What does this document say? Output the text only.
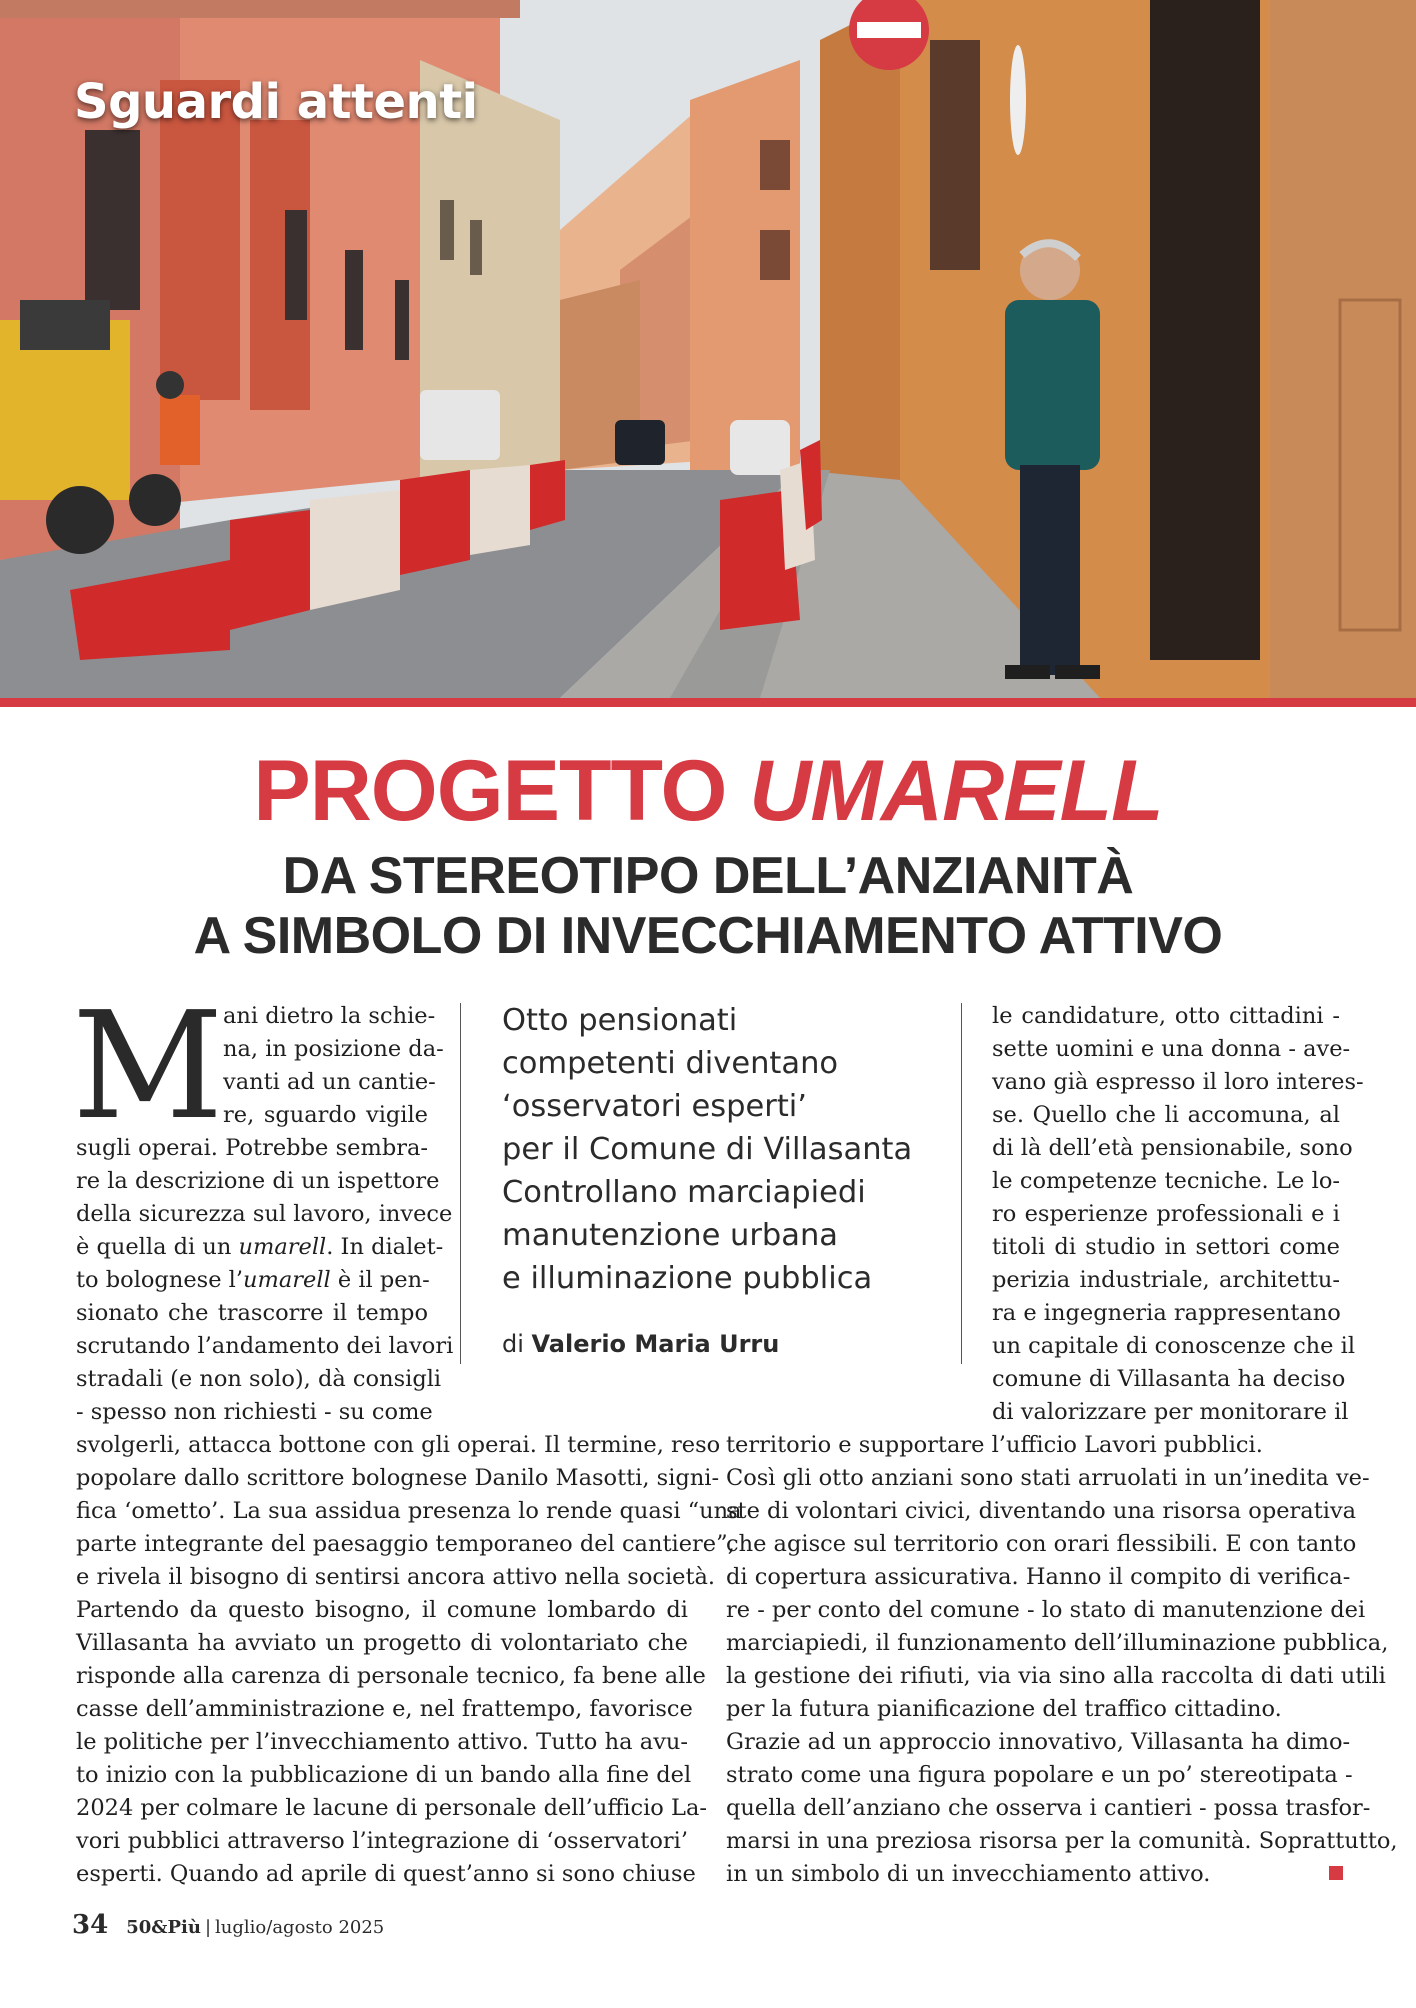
Sguardi attenti
PROGETTO UMARELL
DA STEREOTIPO DELL’ANZIANITÀ
A SIMBOLO DI INVECCHIAMENTO ATTIVO
M ani dietro la schie-
na, in posizione da-
vanti ad un cantie-
re, sguardo vigile
sugli operai. Potrebbe sembra-
re la descrizione di un ispettore
della sicurezza sul lavoro, invece
è quella di un umarell. In dialet-
to bolognese l’umarell è il pen-
sionato che trascorre il tempo
scrutando l’andamento dei lavori
stradali (e non solo), dà consigli
- spesso non richiesti - su come
svolgerli, attacca bottone con gli operai. Il termine, reso
popolare dallo scrittore bolognese Danilo Masotti, signi-
fica ‘ometto’. La sua assidua presenza lo rende quasi “una
parte integrante del paesaggio temporaneo del cantiere”,
e rivela il bisogno di sentirsi ancora attivo nella società.
Partendo da questo bisogno, il comune lombardo di
Villasanta ha avviato un progetto di volontariato che
risponde alla carenza di personale tecnico, fa bene alle
casse dell’amministrazione e, nel frattempo, favorisce
le politiche per l’invecchiamento attivo. Tutto ha avu-
to inizio con la pubblicazione di un bando alla fine del
2024 per colmare le lacune di personale dell’ufficio La-
vori pubblici attraverso l’integrazione di ‘osservatori’
esperti. Quando ad aprile di quest’anno si sono chiuse
le candidature, otto cittadini -
sette uomini e una donna - ave-
vano già espresso il loro interes-
se. Quello che li accomuna, al
di là dell’età pensionabile, sono
le competenze tecniche. Le lo-
ro esperienze professionali e i
titoli di studio in settori come
perizia industriale, architettu-
ra e ingegneria rappresentano
un capitale di conoscenze che il
comune di Villasanta ha deciso
di valorizzare per monitorare il
territorio e supportare l’ufficio Lavori pubblici.
Così gli otto anziani sono stati arruolati in un’inedita ve-
ste di volontari civici, diventando una risorsa operativa
che agisce sul territorio con orari flessibili. E con tanto
di copertura assicurativa. Hanno il compito di verifica-
re - per conto del comune - lo stato di manutenzione dei
marciapiedi, il funzionamento dell’illuminazione pubblica,
la gestione dei rifiuti, via via sino alla raccolta di dati utili
per la futura pianificazione del traffico cittadino.
Grazie ad un approccio innovativo, Villasanta ha dimo-
strato come una figura popolare e un po’ stereotipata -
quella dell’anziano che osserva i cantieri - possa trasfor-
marsi in una preziosa risorsa per la comunità. Soprattutto,
in un simbolo di un invecchiamento attivo.
Otto pensionati
competenti diventano
‘osservatori esperti’
per il Comune di Villasanta
Controllano marciapiedi
manutenzione urbana
e illuminazione pubblica
di Valerio Maria Urru
34 50&Più | luglio/agosto 2025
